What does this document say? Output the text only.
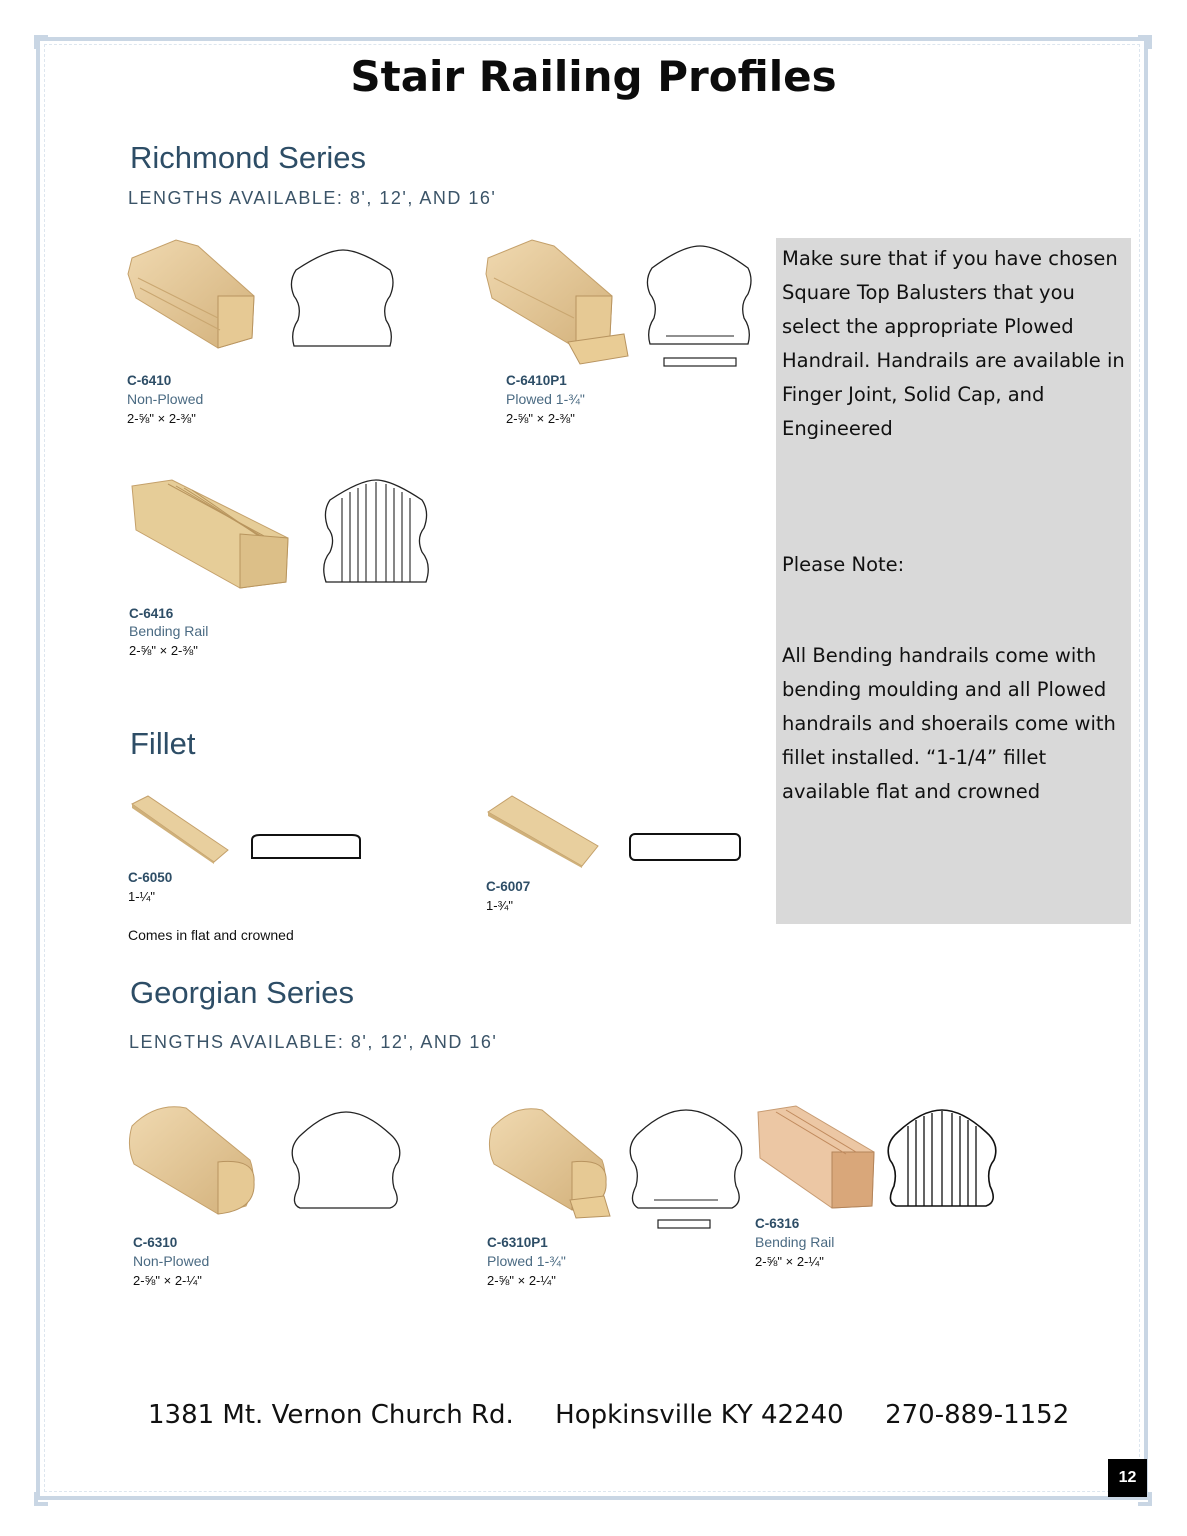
Stair Railing Profiles
Richmond Series
LENGTHS AVAILABLE: 8', 12', AND 16'
C-6410
Non-Plowed
2-⅝" × 2-⅜"
C-6410P1
Plowed 1-¾"
2-⅝" × 2-⅜"
C-6416
Bending Rail
2-⅝" × 2-⅜"
Fillet
C-6050
1-¼"
Comes in flat and crowned
C-6007
1-¾"
Georgian Series
LENGTHS AVAILABLE: 8', 12', AND 16'
C-6310
Non-Plowed
2-⅝" × 2-¼"
C-6310P1
Plowed 1-¾"
2-⅝" × 2-¼"
C-6316
Bending Rail
2-⅝" × 2-¼"

Make sure that if you have chosen Square Top Balusters that you select the appropriate Plowed Handrail. Handrails are available in Finger Joint, Solid Cap, and Engineered

Please Note:

All Bending handrails come with bending moulding and all Plowed handrails and shoerails come with fillet installed. “1-1/4” fillet available flat and crowned

1381 Mt. Vernon Church Rd. Hopkinsville KY 42240 270-889-1152
12
